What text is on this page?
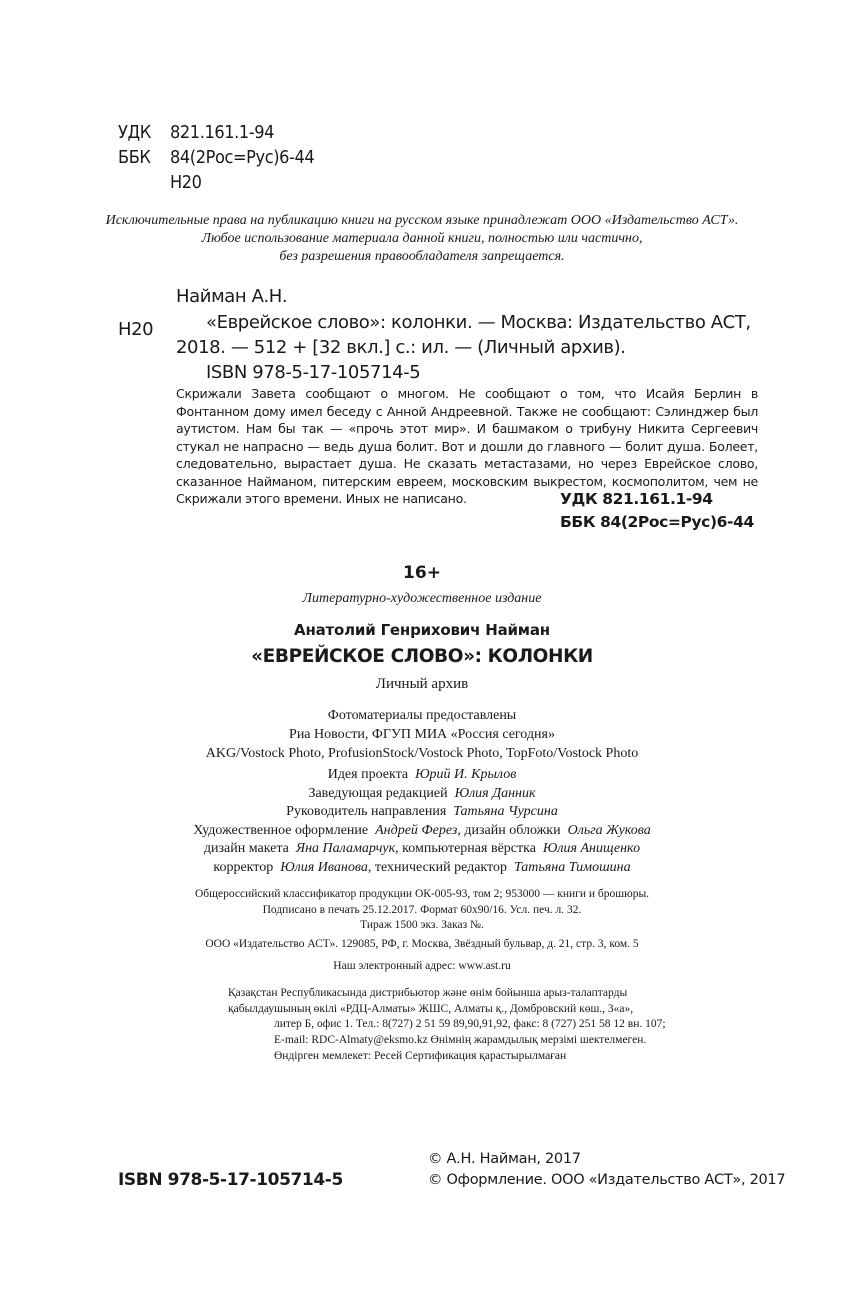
УДК 821.161.1-94
ББК 84(2Рос=Рус)6-44
Н20
Исключительные права на публикацию книги на русском языке принадлежат ООО «Издательство АСТ».
Любое использование материала данной книги, полностью или частично,
без разрешения правообладателя запрещается.
Н20
Найман А.Н.
«Еврейское слово»: колонки. — Москва: Издательство АСТ,
2018. — 512 + [32 вкл.] с.: ил. — (Личный архив).
ISBN 978-5-17-105714-5
Скрижали Завета сообщают о многом. Не сообщают о том, что Исайя Берлин в Фонтанном дому имел беседу с Анной Андреевной. Также не сообщают: Сэлинджер был аутистом. Нам бы так — «прочь этот мир». И башмаком о трибуну Никита Сергеевич стукал не напрасно — ведь душа болит. Вот и дошли до главного — болит душа. Болеет, следовательно, вырастает душа. Не сказать метастазами, но через Еврейское слово, сказанное Найманом, питерским евреем, московским выкрестом, космополитом, чем не Скрижали этого времени. Иных не написано.	УДК 821.161.1-94
ББК 84(2Рос=Рус)6-44
16+
Литературно-художественное издание
Анатолий Генрихович Найман
«ЕВРЕЙСКОЕ СЛОВО»: КОЛОНКИ
Личный архив
Фотоматериалы предоставлены
Риа Новости, ФГУП МИА «Россия сегодня»
AKG/Vostock Photo, ProfusionStock/Vostock Photo, TopFoto/Vostock Photo
Идея проекта Юрий И. Крылов
Заведующая редакцией Юлия Данник
Руководитель направления Татьяна Чурсина
Художественное оформление Андрей Ферез, дизайн обложки Ольга Жукова
дизайн макета Яна Паламарчук, компьютерная вёрстка Юлия Анищенко
корректор Юлия Иванова, технический редактор Татьяна Тимошина
Общероссийский классификатор продукции ОК-005-93, том 2; 953000 — книги и брошюры.
Подписано в печать 25.12.2017. Формат 60х90/16. Усл. печ. л. 32.
Тираж 1500 экз. Заказ №.
ООО «Издательство АСТ». 129085, РФ, г. Москва, Звёздный бульвар, д. 21, стр. 3, ком. 5
Наш электронный адрес: www.ast.ru
Қазақстан Республикасында дистрибьютор және өнім бойынша арыз-талаптарды
қабылдаушының өкілі «РДЦ-Алматы» ЖШС, Алматы қ., Домбровский көш., 3«а»,
литер Б, офис 1. Тел.: 8(727) 2 51 59 89,90,91,92, факс: 8 (727) 251 58 12 вн. 107;
E-mail: RDC-Almaty@eksmo.kz Өнімнің жарамдылық мерзімі шектелмеген.
Өндірген мемлекет: Ресей Сертификация қарастырылмаған
ISBN 978-5-17-105714-5
© А.Н. Найман, 2017
© Оформление. ООО «Издательство АСТ», 2017
